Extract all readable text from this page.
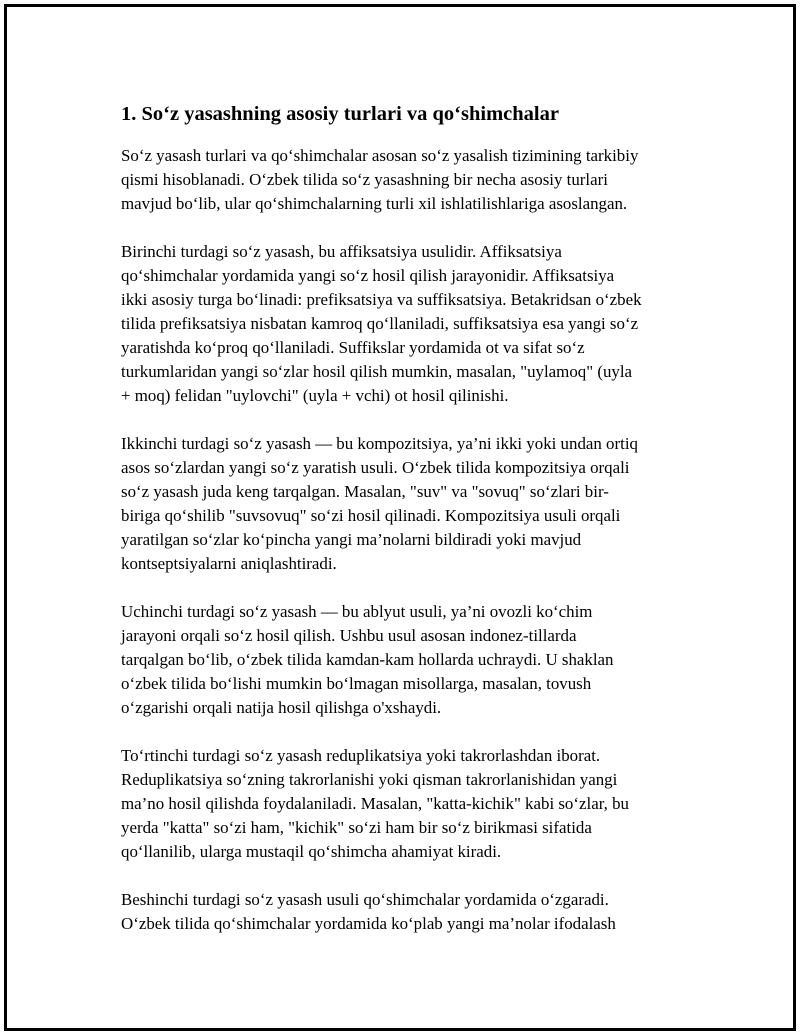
1. So‘z yasashning asosiy turlari va qo‘shimchalar

So‘z yasash turlari va qo‘shimchalar asosan so‘z yasalish tizimining tarkibiy
qismi hisoblanadi. O‘zbek tilida so‘z yasashning bir necha asosiy turlari
mavjud bo‘lib, ular qo‘shimchalarning turli xil ishlatilishlariga asoslangan.

Birinchi turdagi so‘z yasash, bu affiksatsiya usulidir. Affiksatsiya
qo‘shimchalar yordamida yangi so‘z hosil qilish jarayonidir. Affiksatsiya
ikki asosiy turga bo‘linadi: prefiksatsiya va suffiksatsiya. Betakridsan o‘zbek
tilida prefiksatsiya nisbatan kamroq qo‘llaniladi, suffiksatsiya esa yangi so‘z
yaratishda ko‘proq qo‘llaniladi. Suffikslar yordamida ot va sifat so‘z
turkumlaridan yangi so‘zlar hosil qilish mumkin, masalan, "uylamoq" (uyla
+ moq) felidan "uylovchi" (uyla + vchi) ot hosil qilinishi.

Ikkinchi turdagi so‘z yasash — bu kompozitsiya, ya’ni ikki yoki undan ortiq
asos so‘zlardan yangi so‘z yaratish usuli. O‘zbek tilida kompozitsiya orqali
so‘z yasash juda keng tarqalgan. Masalan, "suv" va "sovuq" so‘zlari bir-
biriga qo‘shilib "suvsovuq" so‘zi hosil qilinadi. Kompozitsiya usuli orqali
yaratilgan so‘zlar ko‘pincha yangi ma’nolarni bildiradi yoki mavjud
kontseptsiyalarni aniqlashtiradi.

Uchinchi turdagi so‘z yasash — bu ablyut usuli, ya’ni ovozli ko‘chim
jarayoni orqali so‘z hosil qilish. Ushbu usul asosan indonez-tillarda
tarqalgan bo‘lib, o‘zbek tilida kamdan-kam hollarda uchraydi. U shaklan
o‘zbek tilida bo‘lishi mumkin bo‘lmagan misollarga, masalan, tovush
o‘zgarishi orqali natija hosil qilishga o'xshaydi.

To‘rtinchi turdagi so‘z yasash reduplikatsiya yoki takrorlashdan iborat.
Reduplikatsiya so‘zning takrorlanishi yoki qisman takrorlanishidan yangi
ma’no hosil qilishda foydalaniladi. Masalan, "katta-kichik" kabi so‘zlar, bu
yerda "katta" so‘zi ham, "kichik" so‘zi ham bir so‘z birikmasi sifatida
qo‘llanilib, ularga mustaqil qo‘shimcha ahamiyat kiradi.

Beshinchi turdagi so‘z yasash usuli qo‘shimchalar yordamida o‘zgaradi.
O‘zbek tilida qo‘shimchalar yordamida ko‘plab yangi ma’nolar ifodalash
